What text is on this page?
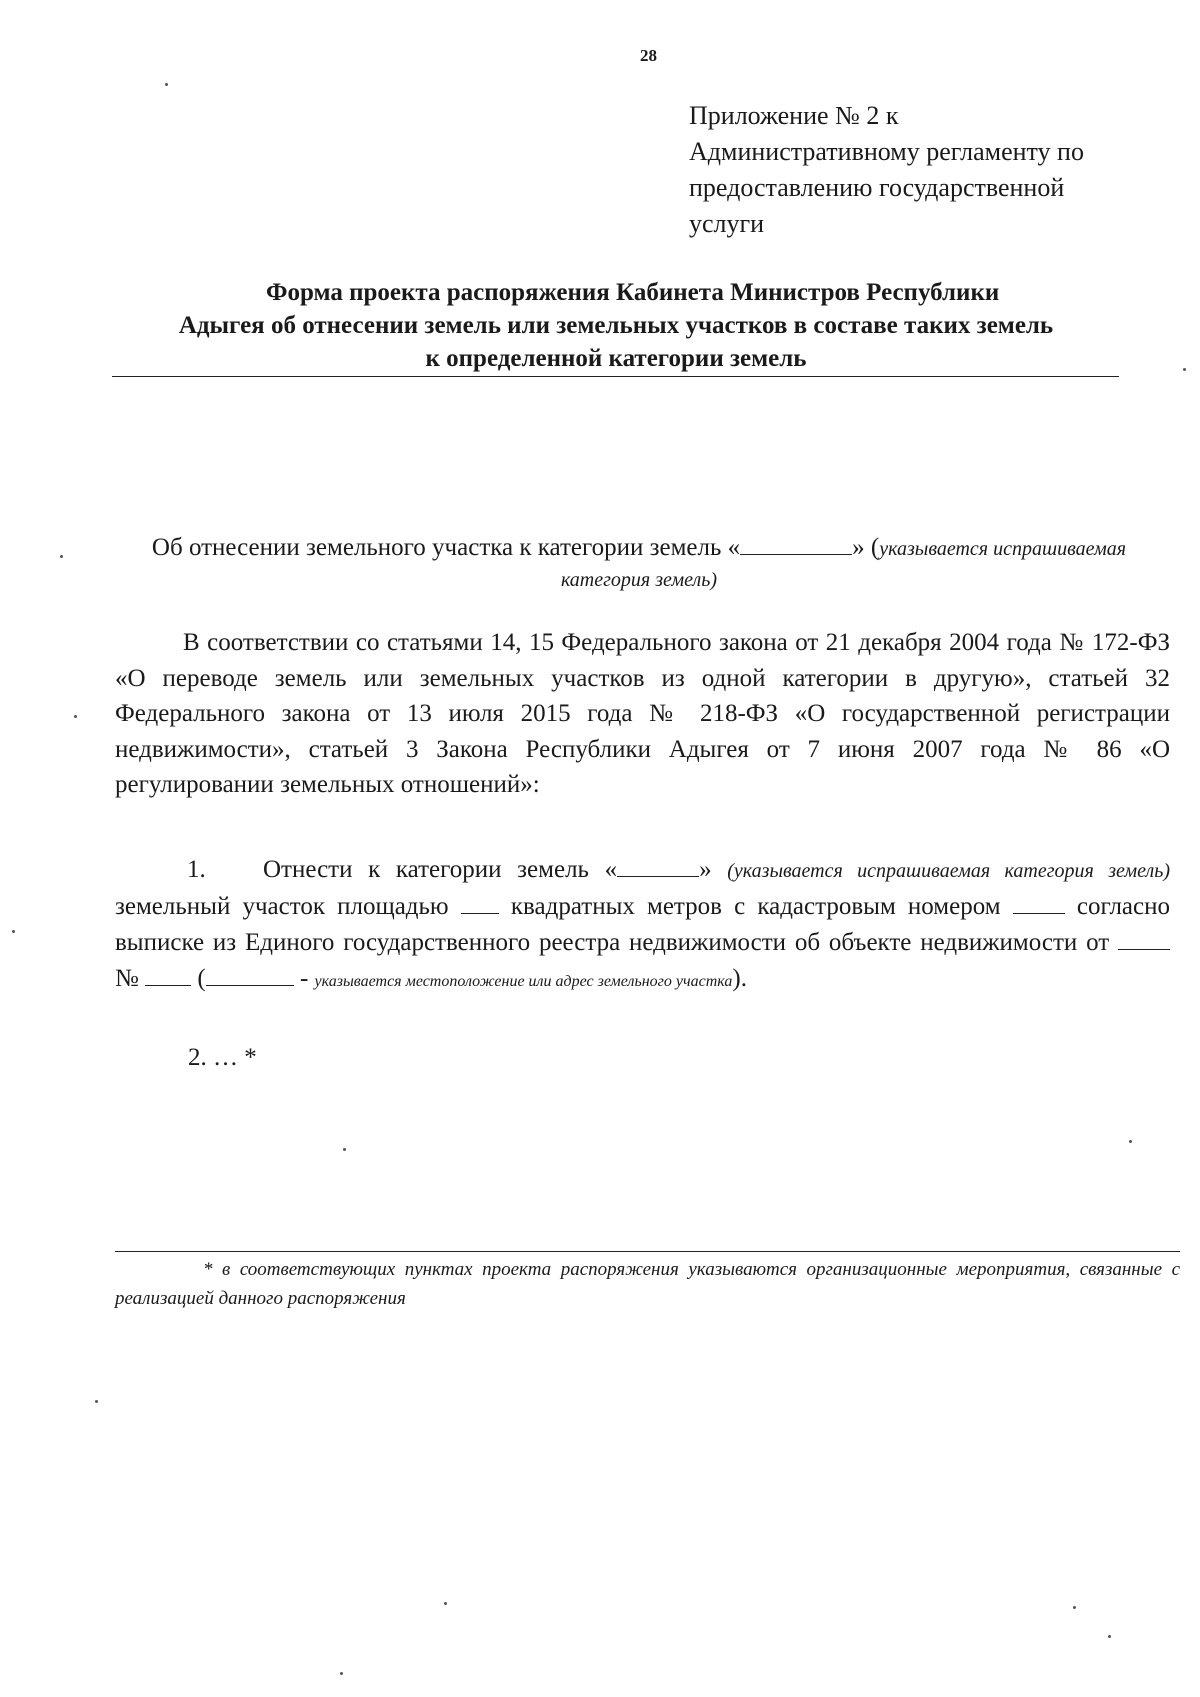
28
Приложение № 2 к
Административному регламенту по
предоставлению государственной
услуги
Форма проекта распоряжения Кабинета Министров Республики
Адыгея об отнесении земель или земельных участков в составе таких земель
к определенной категории земель
Об отнесении земельного участка к категории земель «	» (указывается испрашиваемая категория земель)
В соответствии со статьями 14, 15 Федерального закона от 21 декабря 2004 года № 172-ФЗ «О переводе земель или земельных участков из одной категории в другую», статьей 32 Федерального закона от 13 июля 2015 года № 218-ФЗ «О государственной регистрации недвижимости», статьей 3 Закона Республики Адыгея от 7 июня 2007 года № 86 «О регулировании земельных отношений»:
1. Отнести к категории земель «	» (указывается испрашиваемая категория земель) земельный участок площадью  квадратных метров с кадастровым номером  согласно выписке из Единого государственного реестра недвижимости об объекте недвижимости от  №  (	- указывается местоположение или адрес земельного участка).
2. … *
* в соответствующих пунктах проекта распоряжения указываются организационные мероприятия, связанные с реализацией данного распоряжения
